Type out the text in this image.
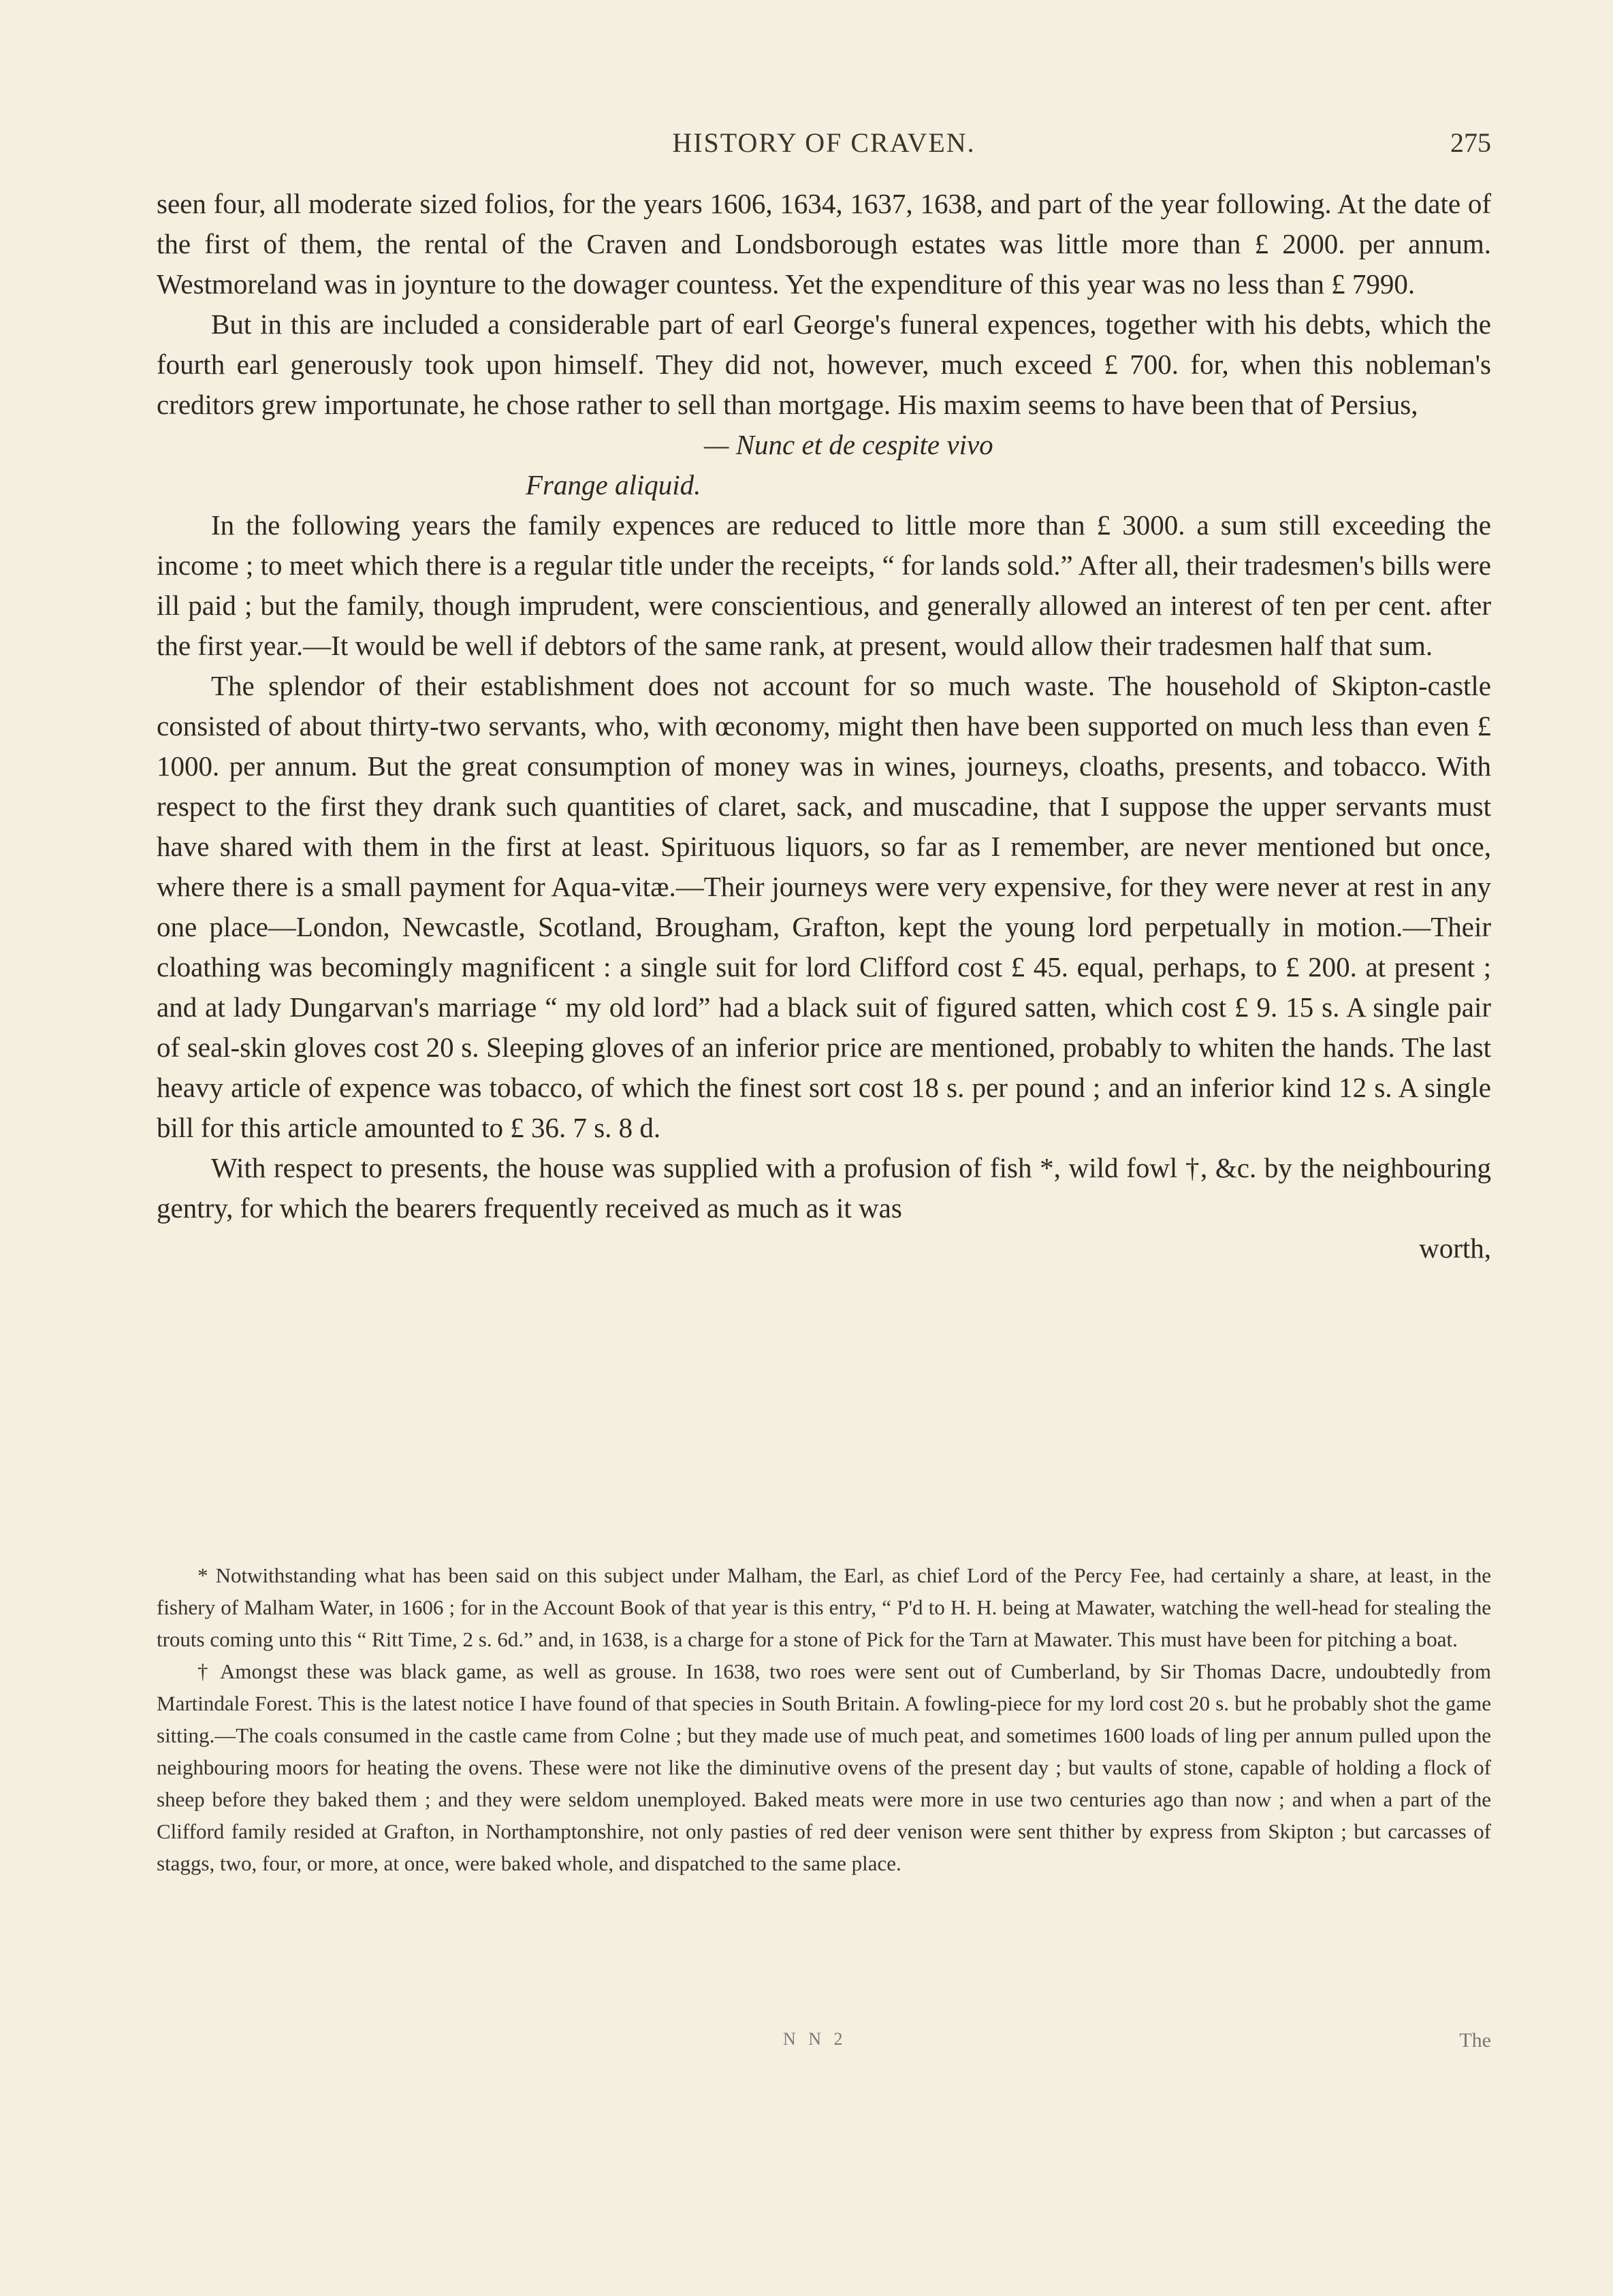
HISTORY OF CRAVEN.	275

seen four, all moderate sized folios, for the years 1606, 1634, 1637, 1638, and part of the year following. At the date of the first of them, the rental of the Craven and Londsborough estates was little more than £ 2000. per annum. Westmoreland was in joynture to the dowager countess. Yet the expenditure of this year was no less than £ 7990.

But in this are included a considerable part of earl George's funeral expences, together with his debts, which the fourth earl generously took upon himself. They did not, however, much exceed £ 700. for, when this nobleman's creditors grew importunate, he chose rather to sell than mortgage. His maxim seems to have been that of Persius,

— Nunc et de cespite vivo

Frange aliquid.

In the following years the family expences are reduced to little more than £ 3000. a sum still exceeding the income ; to meet which there is a regular title under the receipts, “ for lands sold.” After all, their tradesmen's bills were ill paid ; but the family, though imprudent, were conscientious, and generally allowed an interest of ten per cent. after the first year.—It would be well if debtors of the same rank, at present, would allow their tradesmen half that sum.

The splendor of their establishment does not account for so much waste. The household of Skipton-castle consisted of about thirty-two servants, who, with œconomy, might then have been supported on much less than even £ 1000. per annum. But the great consumption of money was in wines, journeys, cloaths, presents, and tobacco. With respect to the first they drank such quantities of claret, sack, and muscadine, that I suppose the upper servants must have shared with them in the first at least. Spirituous liquors, so far as I remember, are never mentioned but once, where there is a small payment for Aqua-vitæ.—Their journeys were very expensive, for they were never at rest in any one place—London, Newcastle, Scotland, Brougham, Grafton, kept the young lord perpetually in motion.—Their cloathing was becomingly magnificent : a single suit for lord Clifford cost £ 45. equal, perhaps, to £ 200. at present ; and at lady Dungarvan's marriage “ my old lord” had a black suit of figured satten, which cost £ 9. 15 s. A single pair of seal-skin gloves cost 20 s. Sleeping gloves of an inferior price are mentioned, probably to whiten the hands. The last heavy article of expence was tobacco, of which the finest sort cost 18 s. per pound ; and an inferior kind 12 s. A single bill for this article amounted to £ 36. 7 s. 8 d.

With respect to presents, the house was supplied with a profusion of fish *, wild fowl †, &c. by the neighbouring gentry, for which the bearers frequently received as much as it was

worth,

* Notwithstanding what has been said on this subject under Malham, the Earl, as chief Lord of the Percy Fee, had certainly a share, at least, in the fishery of Malham Water, in 1606 ; for in the Account Book of that year is this entry, “ P'd to H. H. being at Mawater, watching the well-head for stealing the trouts coming unto this “ Ritt Time, 2 s. 6d.” and, in 1638, is a charge for a stone of Pick for the Tarn at Mawater. This must have been for pitching a boat.

† Amongst these was black game, as well as grouse. In 1638, two roes were sent out of Cumberland, by Sir Thomas Dacre, undoubtedly from Martindale Forest. This is the latest notice I have found of that species in South Britain. A fowling-piece for my lord cost 20 s. but he probably shot the game sitting.—The coals consumed in the castle came from Colne ; but they made use of much peat, and sometimes 1600 loads of ling per annum pulled upon the neighbouring moors for heating the ovens. These were not like the diminutive ovens of the present day ; but vaults of stone, capable of holding a flock of sheep before they baked them ; and they were seldom unemployed. Baked meats were more in use two centuries ago than now ; and when a part of the Clifford family resided at Grafton, in Northamptonshire, not only pasties of red deer venison were sent thither by express from Skipton ; but carcasses of staggs, two, four, or more, at once, were baked whole, and dispatched to the same place.

N N 2	The
